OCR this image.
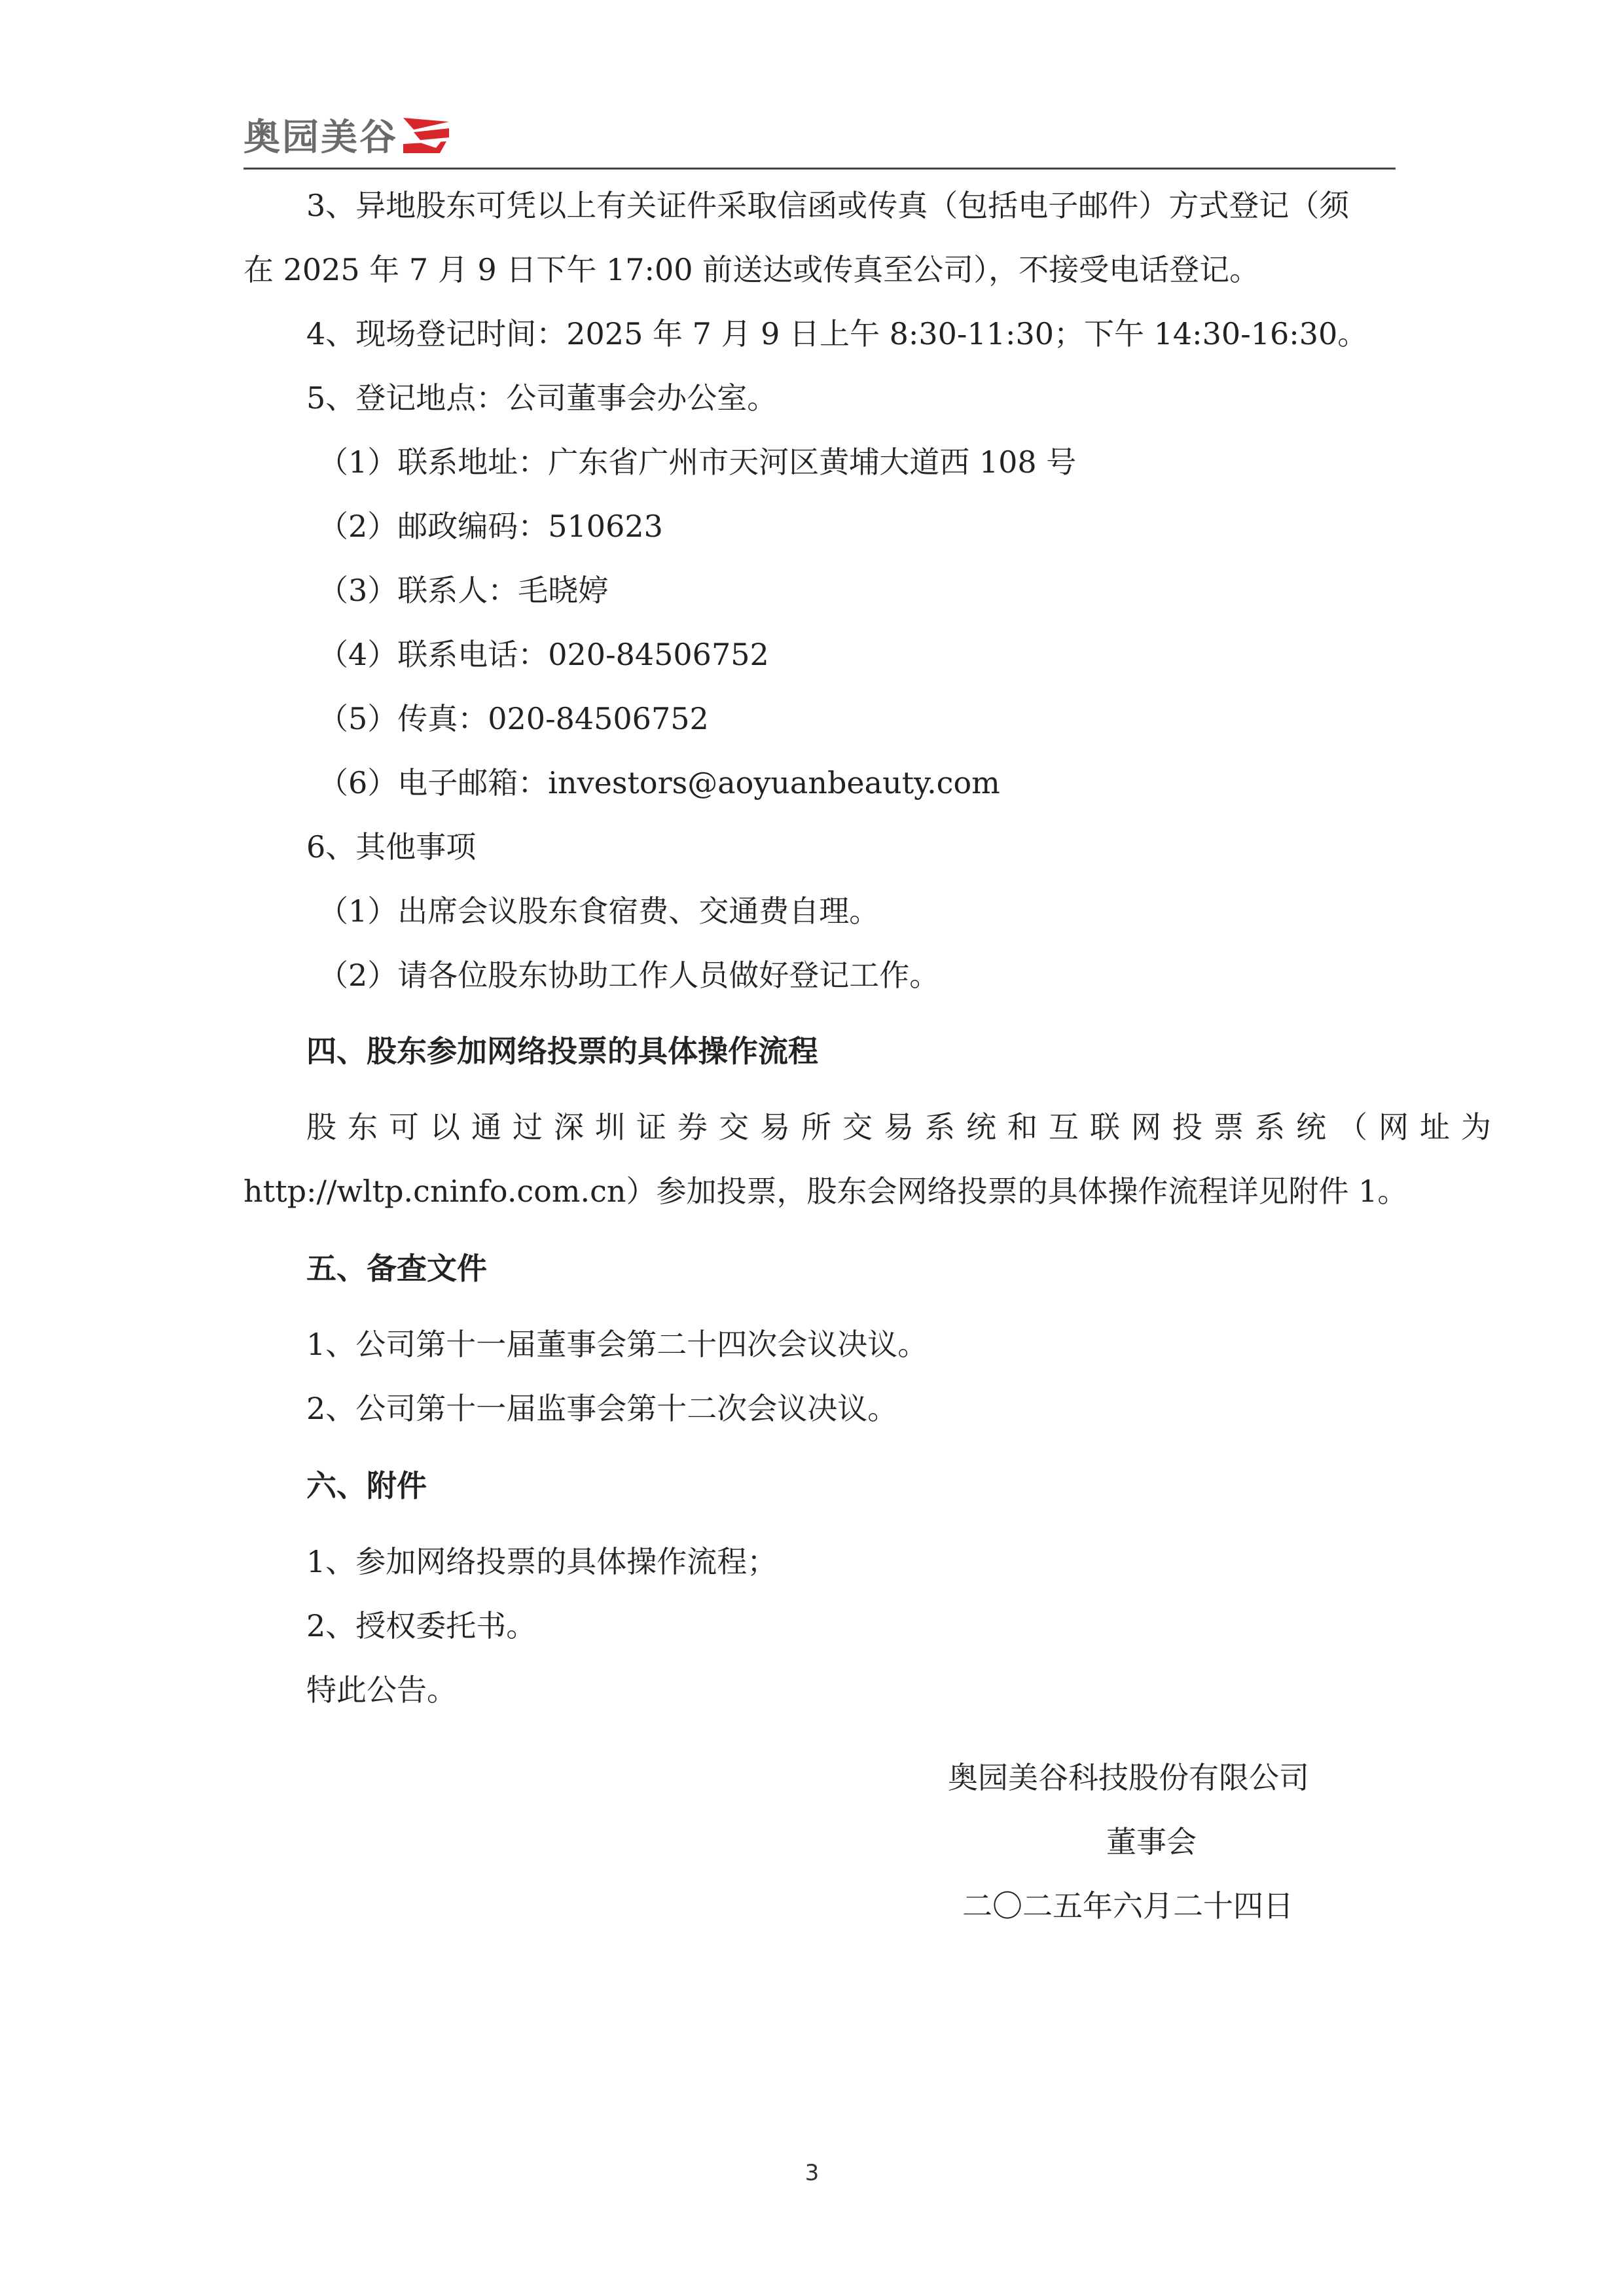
奥园美谷
3、异地股东可凭以上有关证件采取信函或传真（包括电子邮件）方式登记（须
在 2025 年 7 月 9 日下午 17:00 前送达或传真至公司），不接受电话登记。
4、现场登记时间：2025 年 7 月 9 日上午 8:30-11:30；下午 14:30-16:30。
5、登记地点：公司董事会办公室。
（1）联系地址：广东省广州市天河区黄埔大道西 108 号
（2）邮政编码：510623
（3）联系人：毛晓婷
（4）联系电话：020-84506752
（5）传真：020-84506752
（6）电子邮箱：investors@aoyuanbeauty.com
6、其他事项
（1）出席会议股东食宿费、交通费自理。
（2）请各位股东协助工作人员做好登记工作。
四、股东参加网络投票的具体操作流程
股东可以通过深圳证券交易所交易系统和互联网投票系统（网址为
http://wltp.cninfo.com.cn）参加投票，股东会网络投票的具体操作流程详见附件 1。
五、备查文件
1、公司第十一届董事会第二十四次会议决议。
2、公司第十一届监事会第十二次会议决议。
六、附件
1、参加网络投票的具体操作流程；
2、授权委托书。
特此公告。
奥园美谷科技股份有限公司
董事会
二〇二五年六月二十四日
3
